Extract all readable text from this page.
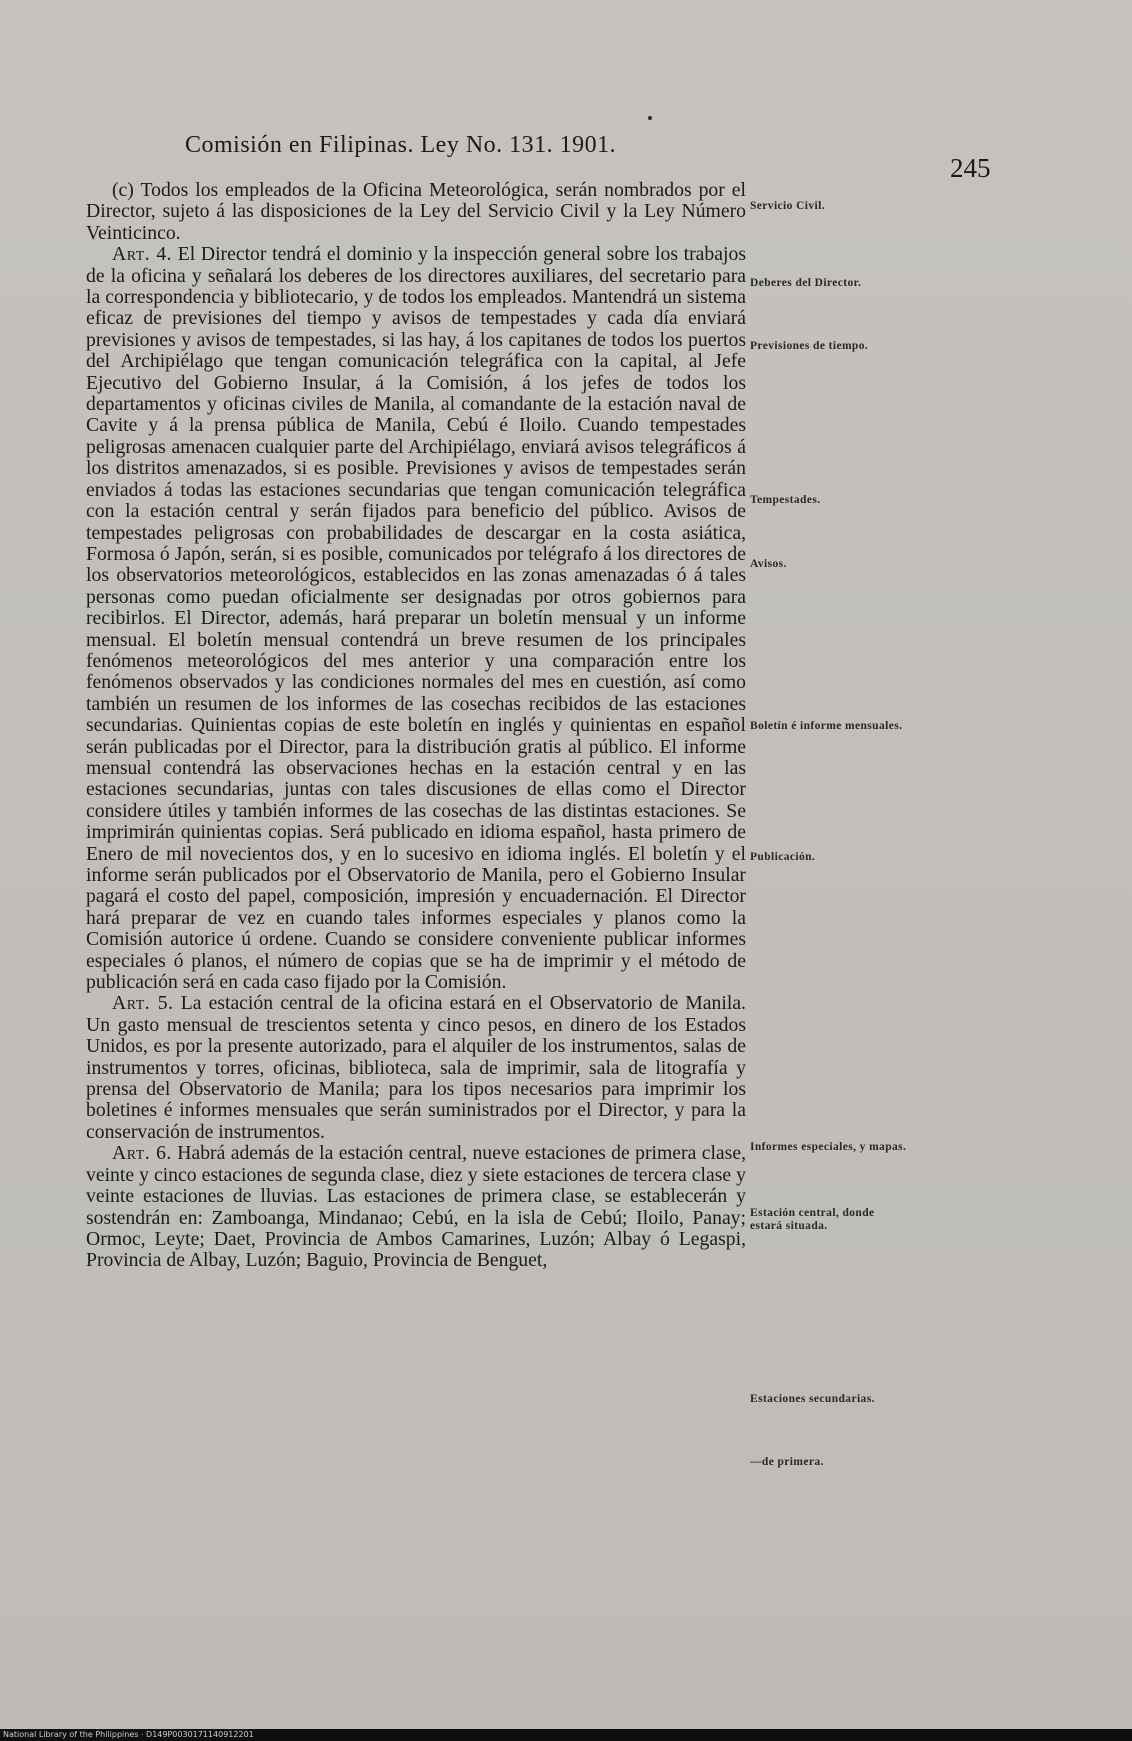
Comisión en Filipinas. Ley No. 131. 1901.
245

(c) Todos los empleados de la Oficina Meteorológica, serán nombrados por el Director, sujeto á las disposiciones de la Ley del Servicio Civil y la Ley Número Veinticinco.

Art. 4. El Director tendrá el dominio y la inspección general sobre los trabajos de la oficina y señalará los deberes de los directores auxiliares, del secretario para la correspondencia y bibliotecario, y de todos los empleados. Mantendrá un sistema eficaz de previsiones del tiempo y avisos de tempestades y cada día enviará previsiones y avisos de tempestades, si las hay, á los capitanes de todos los puertos del Archipiélago que tengan comunicación telegráfica con la capital, al Jefe Ejecutivo del Gobierno Insular, á la Comisión, á los jefes de todos los departamentos y oficinas civiles de Manila, al comandante de la estación naval de Cavite y á la prensa pública de Manila, Cebú é Iloilo. Cuando tempestades peligrosas amenacen cualquier parte del Archipiélago, enviará avisos telegráficos á los distritos amenazados, si es posible. Previsiones y avisos de tempestades serán enviados á todas las estaciones secundarias que tengan comunicación telegráfica con la estación central y serán fijados para beneficio del público. Avisos de tempestades peligrosas con probabilidades de descargar en la costa asiática, Formosa ó Japón, serán, si es posible, comunicados por telégrafo á los directores de los observatorios meteorológicos, establecidos en las zonas amenazadas ó á tales personas como puedan oficialmente ser designadas por otros gobiernos para recibirlos. El Director, además, hará preparar un boletín mensual y un informe mensual. El boletín mensual contendrá un breve resumen de los principales fenómenos meteorológicos del mes anterior y una comparación entre los fenómenos observados y las condiciones normales del mes en cuestión, así como también un resumen de los informes de las cosechas recibidos de las estaciones secundarias. Quinientas copias de este boletín en inglés y quinientas en español serán publicadas por el Director, para la distribución gratis al público. El informe mensual contendrá las observaciones hechas en la estación central y en las estaciones secundarias, juntas con tales discusiones de ellas como el Director considere útiles y también informes de las cosechas de las distintas estaciones. Se imprimirán quinientas copias. Será publicado en idioma español, hasta primero de Enero de mil novecientos dos, y en lo sucesivo en idioma inglés. El boletín y el informe serán publicados por el Observatorio de Manila, pero el Gobierno Insular pagará el costo del papel, composición, impresión y encuadernación. El Director hará preparar de vez en cuando tales informes especiales y planos como la Comisión autorice ú ordene. Cuando se considere conveniente publicar informes especiales ó planos, el número de copias que se ha de imprimir y el método de publicación será en cada caso fijado por la Comisión.

Art. 5. La estación central de la oficina estará en el Observatorio de Manila. Un gasto mensual de trescientos setenta y cinco pesos, en dinero de los Estados Unidos, es por la presente autorizado, para el alquiler de los instrumentos, salas de instrumentos y torres, oficinas, biblioteca, sala de imprimir, sala de litografía y prensa del Observatorio de Manila; para los tipos necesarios para imprimir los boletines é informes mensuales que serán suministrados por el Director, y para la conservación de instrumentos.

Art. 6. Habrá además de la estación central, nueve estaciones de primera clase, veinte y cinco estaciones de segunda clase, diez y siete estaciones de tercera clase y veinte estaciones de lluvias. Las estaciones de primera clase, se establecerán y sostendrán en: Zamboanga, Mindanao; Cebú, en la isla de Cebú; Iloilo, Panay; Ormoc, Leyte; Daet, Provincia de Ambos Camarines, Luzón; Albay ó Legaspi, Provincia de Albay, Luzón; Baguio, Provincia de Benguet,

Servicio Civil.
Deberes del Director.
Previsiones de tiempo.
Tempestades.
Avisos.
Boletín é informe mensuales.
Publicación.
Informes especiales, y mapas.
Estación central, donde estará situada.
Estaciones secundarias.
—de primera.
National Library of the Philippines · D149P0030171140912201
